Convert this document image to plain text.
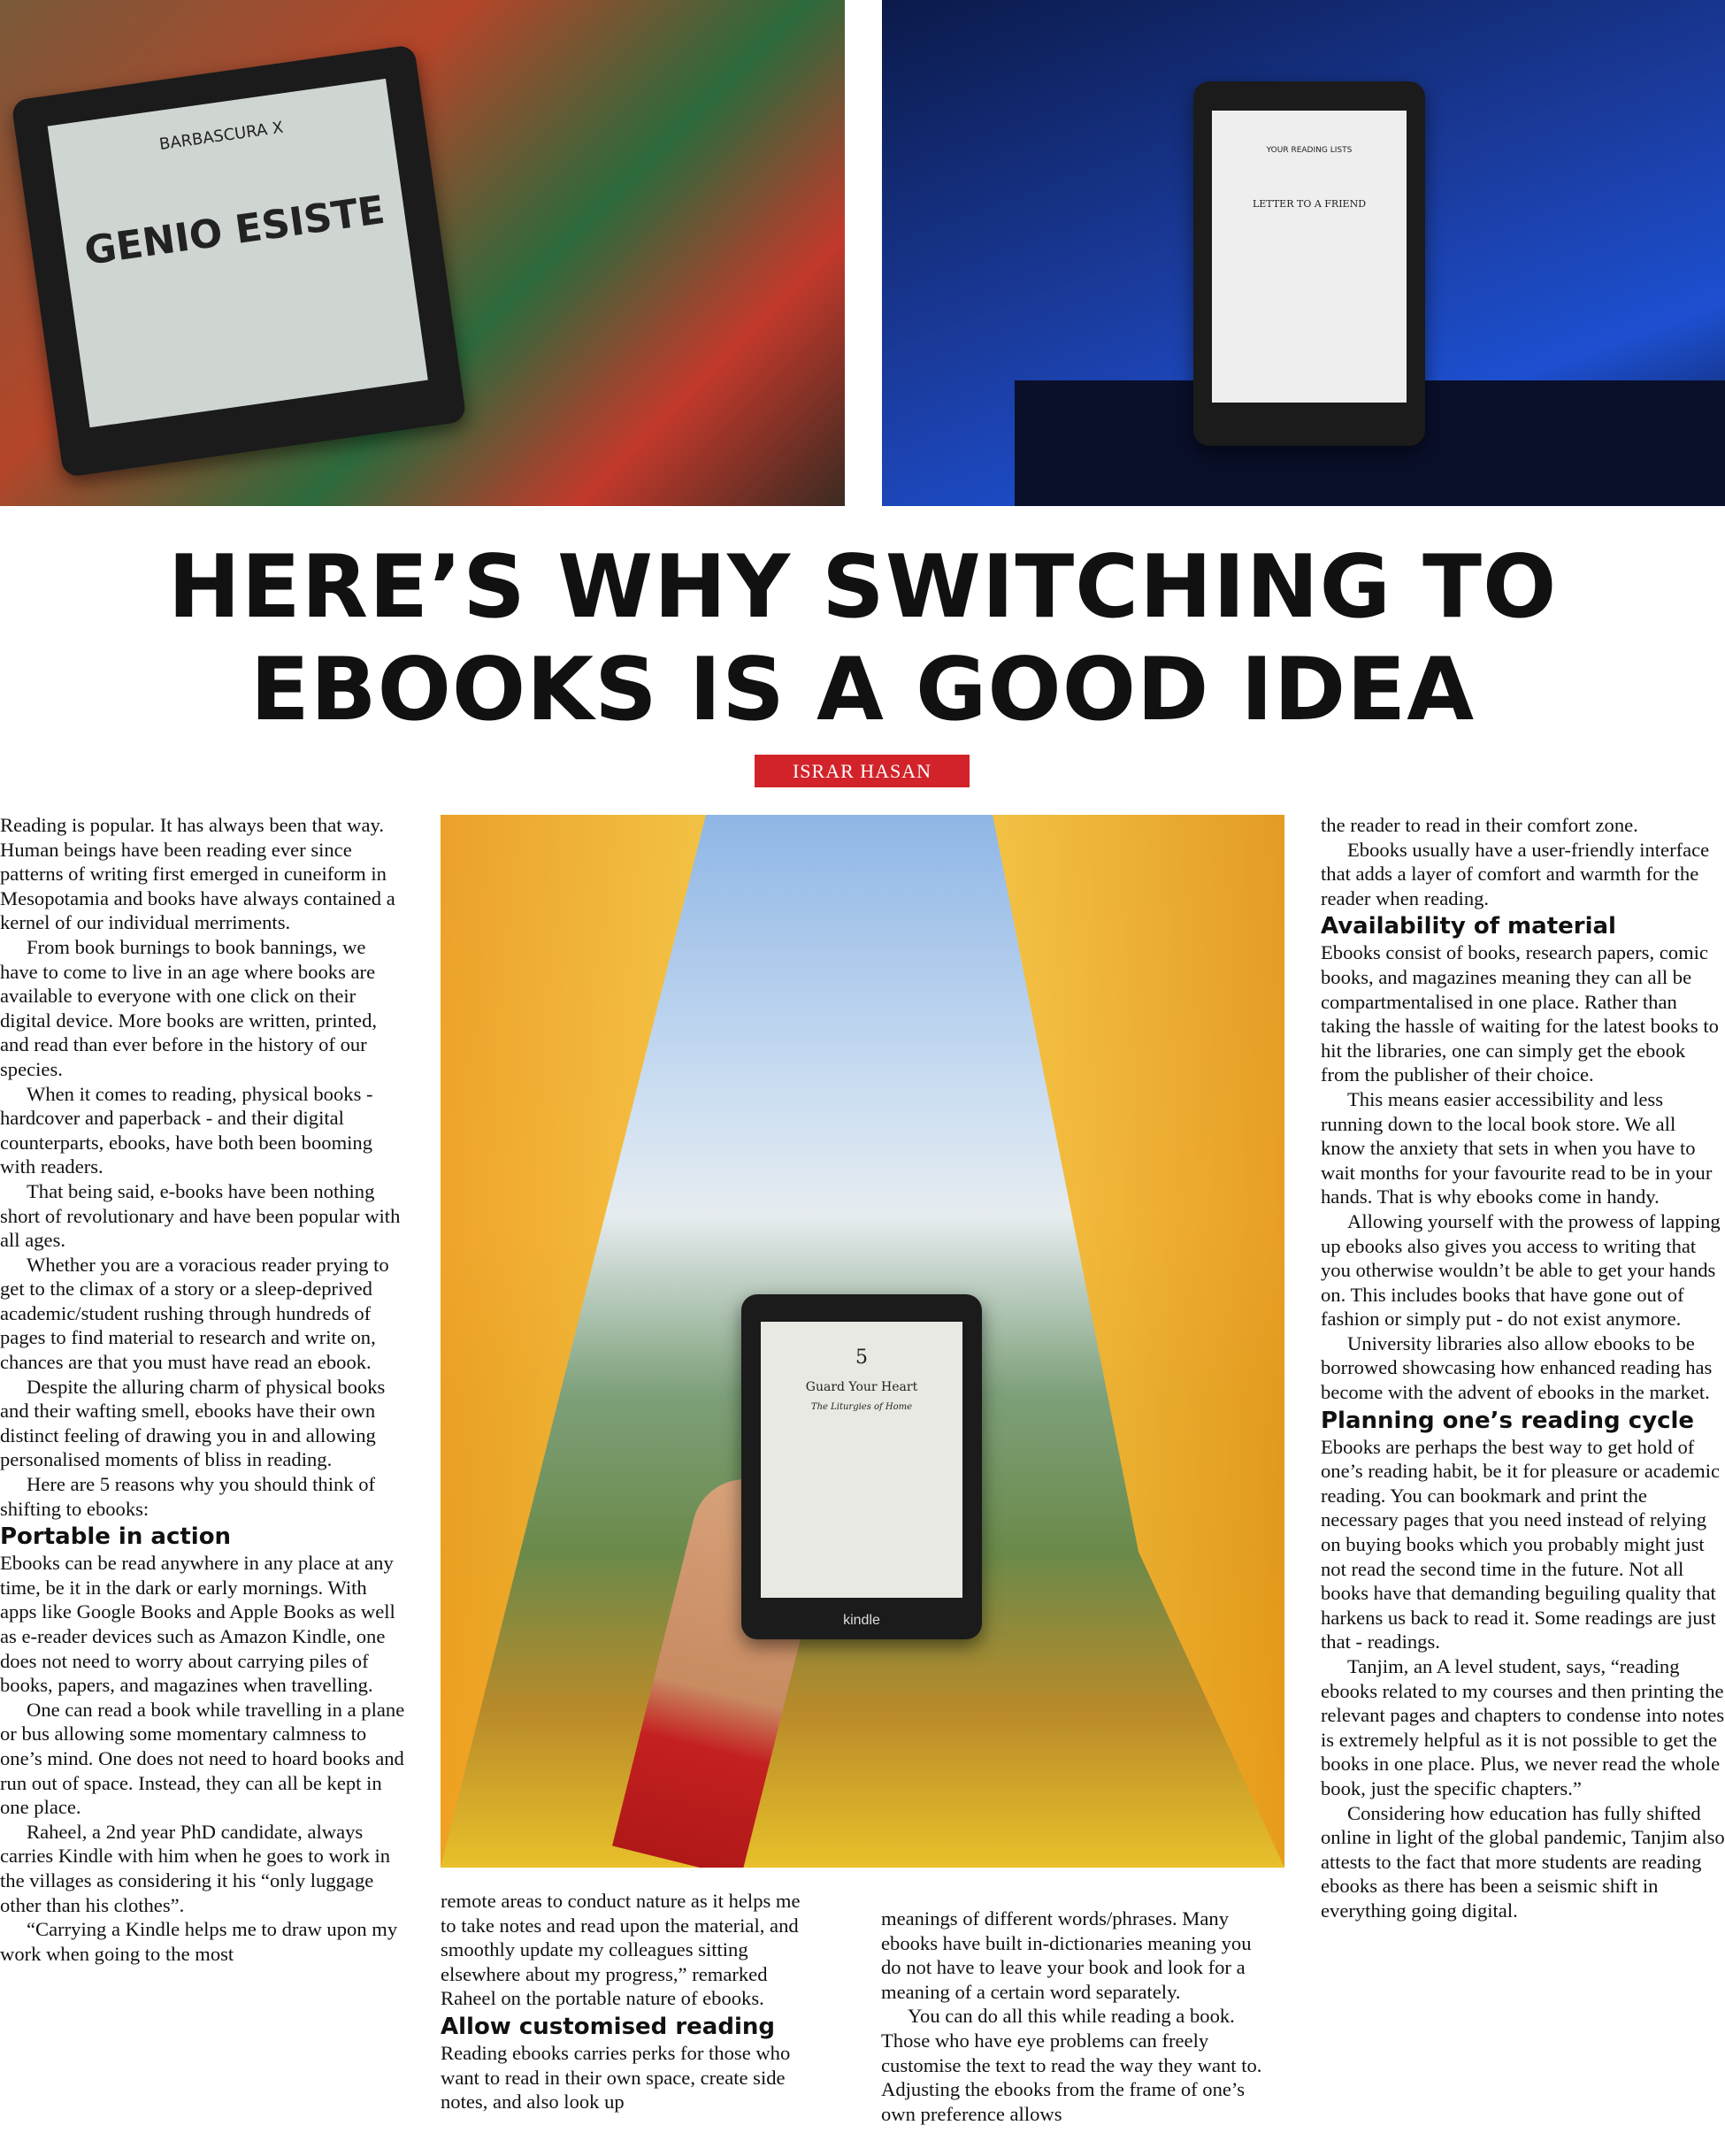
BARBASCURA X
GENIO ESISTE
YOUR READING LISTS
LETTER TO A FRIEND
HERE’S WHY SWITCHING TO EBOOKS IS A GOOD IDEA
ISRAR HASAN
5
Guard Your Heart
The Liturgies of Home
kindle

Reading is popular. It has always been that way. Human beings have been reading ever since patterns of writing first emerged in cuneiform in Mesopotamia and books have always contained a kernel of our individual merriments.

From book burnings to book bannings, we have to come to live in an age where books are available to everyone with one click on their digital device. More books are written, printed, and read than ever before in the history of our species.

When it comes to reading, physical books - hardcover and paperback - and their digital counterparts, ebooks, have both been booming with readers.

That being said, e-books have been nothing short of revolutionary and have been popular with all ages.

Whether you are a voracious reader prying to get to the climax of a story or a sleep-deprived academic/student rushing through hundreds of pages to find material to research and write on, chances are that you must have read an ebook.

Despite the alluring charm of physical books and their wafting smell, ebooks have their own distinct feeling of drawing you in and allowing personalised moments of bliss in reading.

Here are 5 reasons why you should think of shifting to ebooks:

Portable in action

Ebooks can be read anywhere in any place at any time, be it in the dark or early mornings. With apps like Google Books and Apple Books as well as e-reader devices such as Amazon Kindle, one does not need to worry about carrying piles of books, papers, and magazines when travelling.

One can read a book while travelling in a plane or bus allowing some momentary calmness to one’s mind. One does not need to hoard books and run out of space. Instead, they can all be kept in one place.

Raheel, a 2nd year PhD candidate, always carries Kindle with him when he goes to work in the villages as considering it his “only luggage other than his clothes”.

“Carrying a Kindle helps me to draw upon my work when going to the most

remote areas to conduct nature as it helps me to take notes and read upon the material, and smoothly update my colleagues sitting elsewhere about my progress,” remarked Raheel on the portable nature of ebooks.

Allow customised reading

Reading ebooks carries perks for those who want to read in their own space, create side notes, and also look up

meanings of different words/phrases. Many ebooks have built in-dictionaries meaning you do not have to leave your book and look for a meaning of a certain word separately.

You can do all this while reading a book. Those who have eye problems can freely customise the text to read the way they want to. Adjusting the ebooks from the frame of one’s own preference allows

the reader to read in their comfort zone.

Ebooks usually have a user-friendly interface that adds a layer of comfort and warmth for the reader when reading.

Availability of material

Ebooks consist of books, research papers, comic books, and magazines meaning they can all be compartmentalised in one place. Rather than taking the hassle of waiting for the latest books to hit the libraries, one can simply get the ebook from the publisher of their choice.

This means easier accessibility and less running down to the local book store. We all know the anxiety that sets in when you have to wait months for your favourite read to be in your hands. That is why ebooks come in handy.

Allowing yourself with the prowess of lapping up ebooks also gives you access to writing that you otherwise wouldn’t be able to get your hands on. This includes books that have gone out of fashion or simply put - do not exist anymore.

University libraries also allow ebooks to be borrowed showcasing how enhanced reading has become with the advent of ebooks in the market.

Planning one’s reading cycle

Ebooks are perhaps the best way to get hold of one’s reading habit, be it for pleasure or academic reading. You can bookmark and print the necessary pages that you need instead of relying on buying books which you probably might just not read the second time in the future. Not all books have that demanding beguiling quality that harkens us back to read it. Some readings are just that - readings.

Tanjim, an A level student, says, “reading ebooks related to my courses and then printing the relevant pages and chapters to condense into notes is extremely helpful as it is not possible to get the books in one place. Plus, we never read the whole book, just the specific chapters.”

Considering how education has fully shifted online in light of the global pandemic, Tanjim also attests to the fact that more students are reading ebooks as there has been a seismic shift in everything going digital.
